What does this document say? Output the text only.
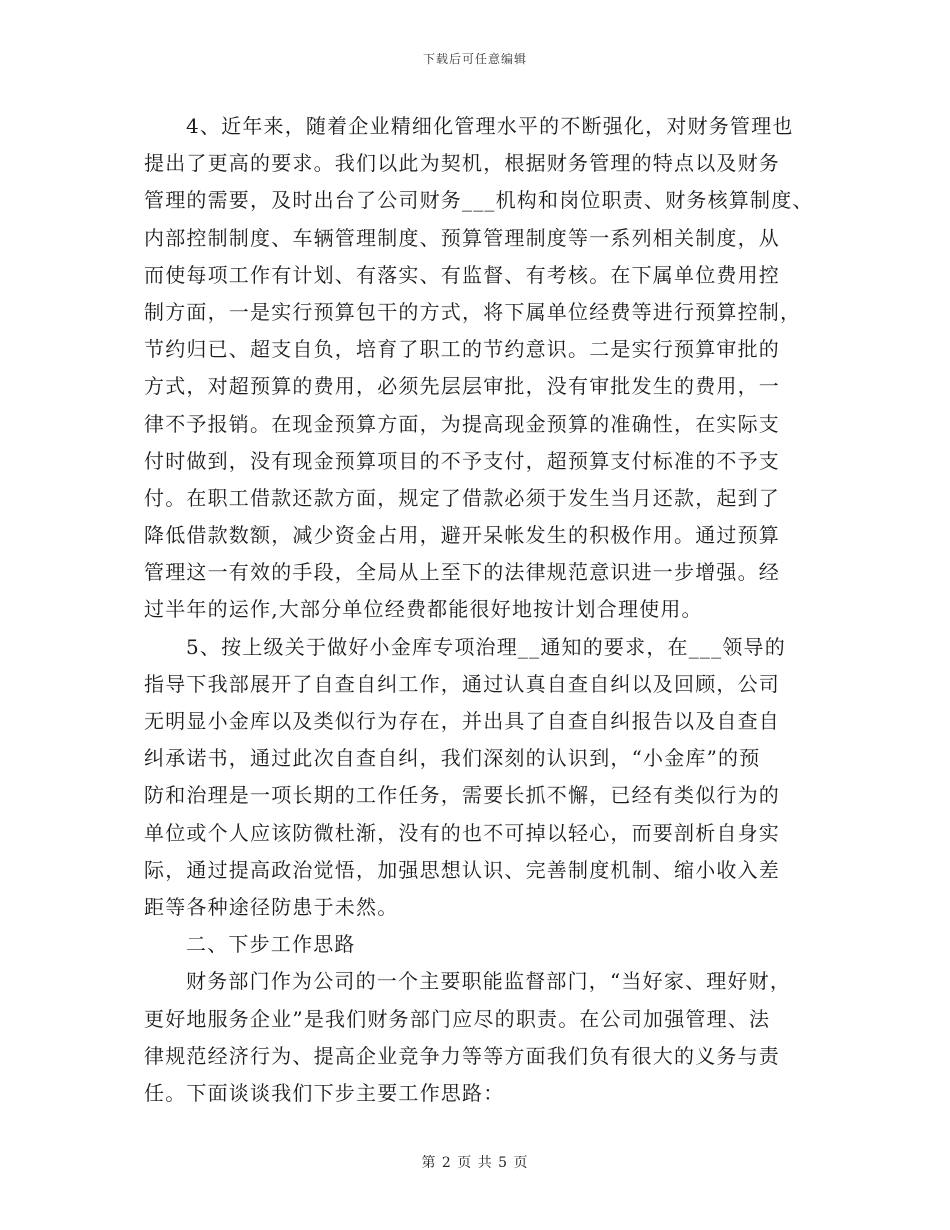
下载后可任意编辑
4、近年来，随着企业精细化管理水平的不断强化，对财务管理也
提出了更高的要求。我们以此为契机，根据财务管理的特点以及财务
管理的需要，及时出台了公司财务___机构和岗位职责、财务核算制度、
内部控制制度、车辆管理制度、预算管理制度等一系列相关制度，从
而使每项工作有计划、有落实、有监督、有考核。在下属单位费用控
制方面，一是实行预算包干的方式，将下属单位经费等进行预算控制，
节约归已、超支自负，培育了职工的节约意识。二是实行预算审批的
方式，对超预算的费用，必须先层层审批，没有审批发生的费用，一
律不予报销。在现金预算方面，为提高现金预算的准确性，在实际支
付时做到，没有现金预算项目的不予支付，超预算支付标准的不予支
付。在职工借款还款方面，规定了借款必须于发生当月还款，起到了
降低借款数额，减少资金占用，避开呆帐发生的积极作用。通过预算
管理这一有效的手段，全局从上至下的法律规范意识进一步增强。经
过半年的运作,大部分单位经费都能很好地按计划合理使用。
5、按上级关于做好小金库专项治理__通知的要求，在___领导的
指导下我部展开了自查自纠工作，通过认真自查自纠以及回顾，公司
无明显小金库以及类似行为存在，并出具了自查自纠报告以及自查自
纠承诺书，通过此次自查自纠，我们深刻的认识到，“小金库”的预
防和治理是一项长期的工作任务，需要长抓不懈，已经有类似行为的
单位或个人应该防微杜渐，没有的也不可掉以轻心，而要剖析自身实
际，通过提高政治觉悟，加强思想认识、完善制度机制、缩小收入差
距等各种途径防患于未然。
二、下步工作思路
财务部门作为公司的一个主要职能监督部门，“当好家、理好财，
更好地服务企业”是我们财务部门应尽的职责。在公司加强管理、法
律规范经济行为、提高企业竞争力等等方面我们负有很大的义务与责
任。下面谈谈我们下步主要工作思路：
第 2 页 共 5 页
